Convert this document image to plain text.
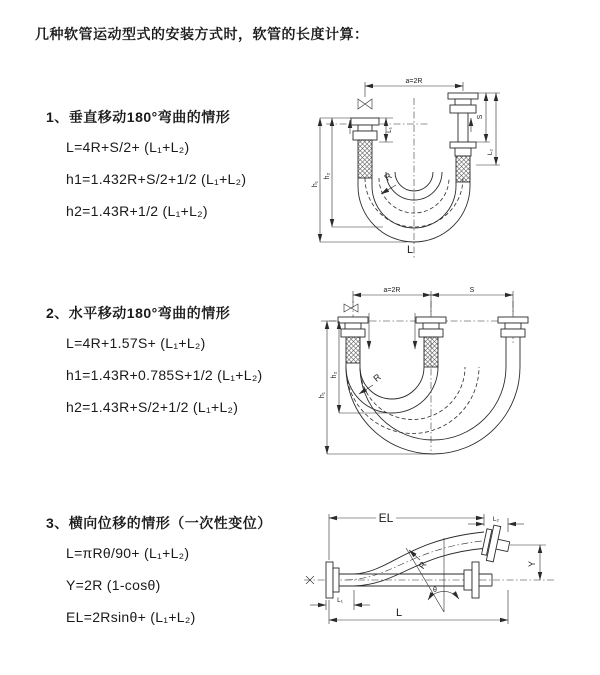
几种软管运动型式的安装方式时，软管的长度计算：
1、垂直移动180°弯曲的情形
L=4R+S/2+ (L₁+L₂)
h1=1.432R+S/2+1/2 (L₁+L₂)
h2=1.43R+1/2 (L₁+L₂)
2、水平移动180°弯曲的情形
L=4R+1.57S+ (L₁+L₂)
h1=1.43R+0.785S+1/2 (L₁+L₂)
h2=1.43R+S/2+1/2 (L₁+L₂)
3、横向位移的情形（一次性变位）
L=πRθ/90+ (L₁+L₂)
Y=2R (1-cosθ)
EL=2Rsinθ+ (L₁+L₂)
a=2R
S
L₂
L₁
h₁
h₂	R
L
a=2R	S
h₁
h₂	R
EL	L₂
Y
L
L₁
θ
R
